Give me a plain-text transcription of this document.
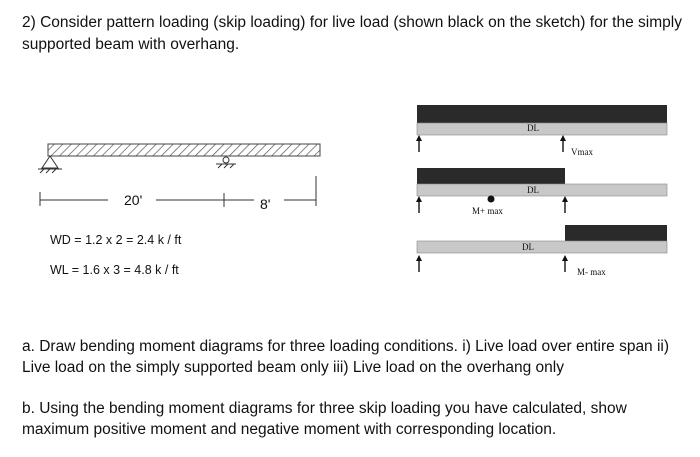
2) Consider pattern loading (skip loading) for live load (shown black on the sketch) for the simply supported beam with overhang.
20'	8'
WD = 1.2 x 2 = 2.4 k / ft
WL = 1.6 x 3 = 4.8 k / ft
DL
Vmax
DL
M+ max
DL
M- max
a. Draw bending moment diagrams for three loading conditions. i) Live load over entire span ii) Live load on the simply supported beam only iii) Live load on the overhang only
b. Using the bending moment diagrams for three skip loading you have calculated, show maximum positive moment and negative moment with corresponding location.
